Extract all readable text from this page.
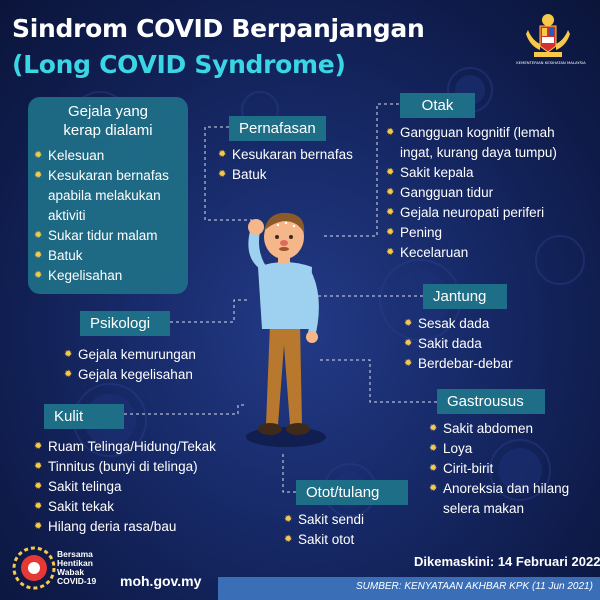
Sindrom COVID Berpanjangan
(Long COVID Syndrome)	KEMENTERIAN KESIHATAN MALAYSIA
Gejala yang
kerap dialami
✹ Kelesuan
✹ Kesukaran bernafas apabila melakukan aktiviti
✹ Sukar tidur malam
✹ Batuk
✹ Kegelisahan
Pernafasan
✹ Kesukaran bernafas
✹ Batuk
Otak
✹ Gangguan kognitif (lemah ingat, kurang daya tumpu)
✹ Sakit kepala
✹ Gangguan tidur
✹ Gejala neuropati periferi
✹ Pening
✹ Kecelaruan
Psikologi
✹ Gejala kemurungan
✹ Gejala kegelisahan
Jantung
✹ Sesak dada
✹ Sakit dada
✹ Berdebar-debar
Kulit
✹ Ruam Telinga/Hidung/Tekak
✹ Tinnitus (bunyi di telinga)
✹ Sakit telinga
✹ Sakit tekak
✹ Hilang deria rasa/bau
Gastrousus
✹ Sakit abdomen
✹ Loya
✹ Cirit-birit
✹ Anoreksia dan hilang selera makan
Otot/tulang
✹ Sakit sendi
✹ Sakit otot
Bersama
Hentikan
Wabak
COVID-19	moh.gov.my
Dikemaskini: 14 Februari 2022
SUMBER: KENYATAAN AKHBAR KPK (11 Jun 2021)
